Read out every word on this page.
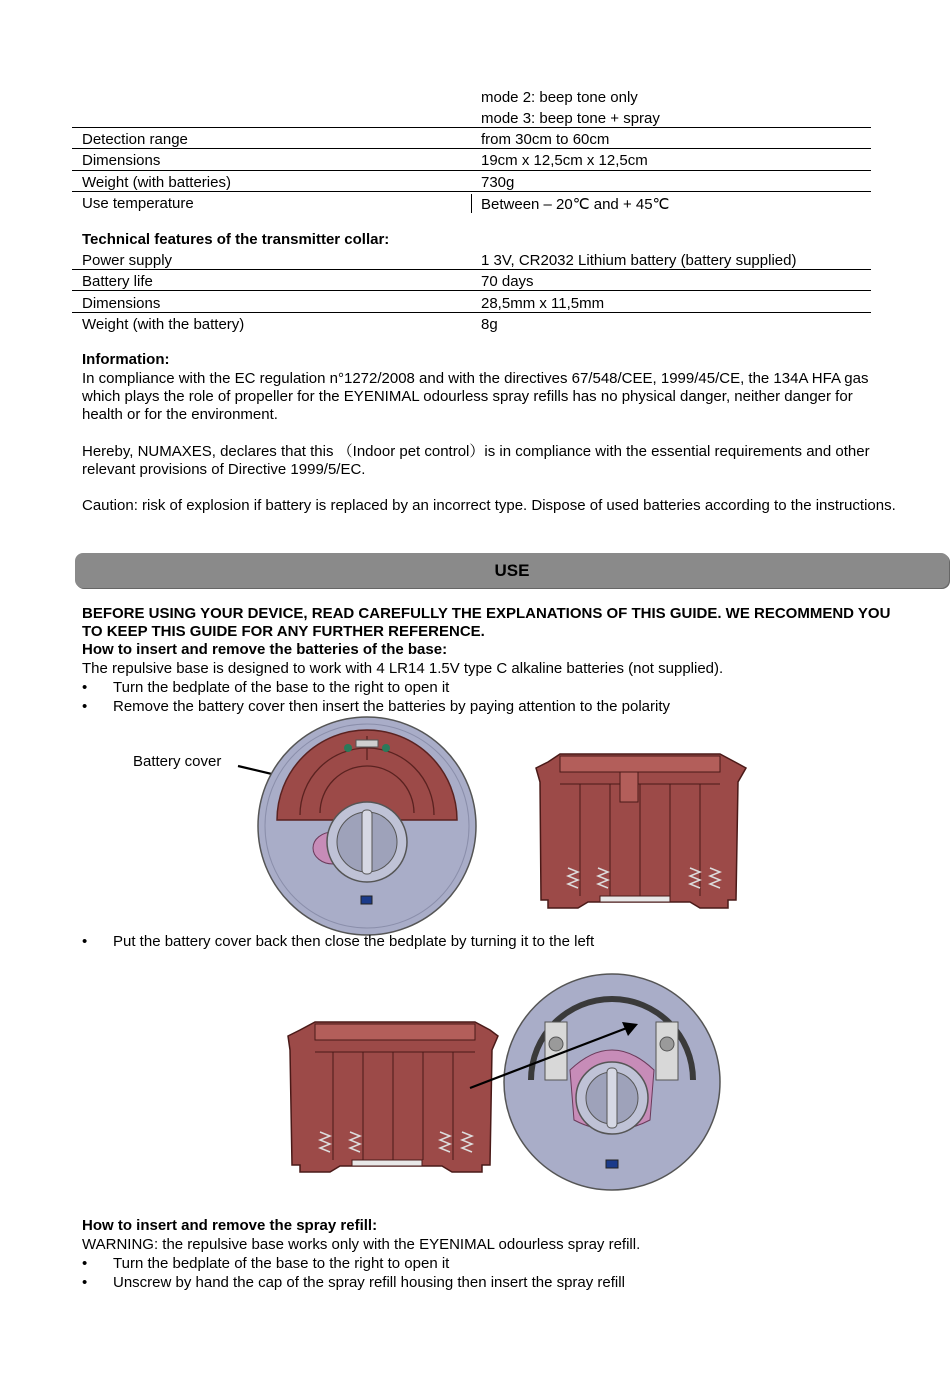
mode 2: beep tone only
mode 3: beep tone + spray
Detection range	from 30cm to 60cm
Dimensions	19cm x 12,5cm x 12,5cm
Weight (with batteries)	730g
Use temperature	Between – 20℃ and + 45℃
Technical features of the transmitter collar:
Power supply	1 3V, CR2032 Lithium battery (battery supplied)
Battery life	70 days
Dimensions	28,5mm x 11,5mm
Weight (with the battery)	8g
Information:
In compliance with the EC regulation n°1272/2008 and with the directives 67/548/CEE, 1999/45/CE, the 134A HFA gas which plays the role of propeller for the EYENIMAL odourless spray refills has no physical danger, neither danger for health or for the environment.
Hereby, NUMAXES, declares that this （Indoor pet control）is in compliance with the essential requirements and other relevant provisions of Directive 1999/5/EC.
Caution: risk of explosion if battery is replaced by an incorrect type. Dispose of used batteries according to the instructions.
USE
BEFORE USING YOUR DEVICE, READ CAREFULLY THE EXPLANATIONS OF THIS GUIDE. WE RECOMMEND YOU TO KEEP THIS GUIDE FOR ANY FURTHER REFERENCE.
How to insert and remove the batteries of the base:
The repulsive base is designed to work with 4 LR14 1.5V type C alkaline batteries (not supplied).
• Turn the bedplate of the base to the right to open it
• Remove the battery cover then insert the batteries by paying attention to the polarity
Battery cover
• Put the battery cover back then close the bedplate by turning it to the left
How to insert and remove the spray refill:
WARNING: the repulsive base works only with the EYENIMAL odourless spray refill.
• Turn the bedplate of the base to the right to open it
• Unscrew by hand the cap of the spray refill housing then insert the spray refill
